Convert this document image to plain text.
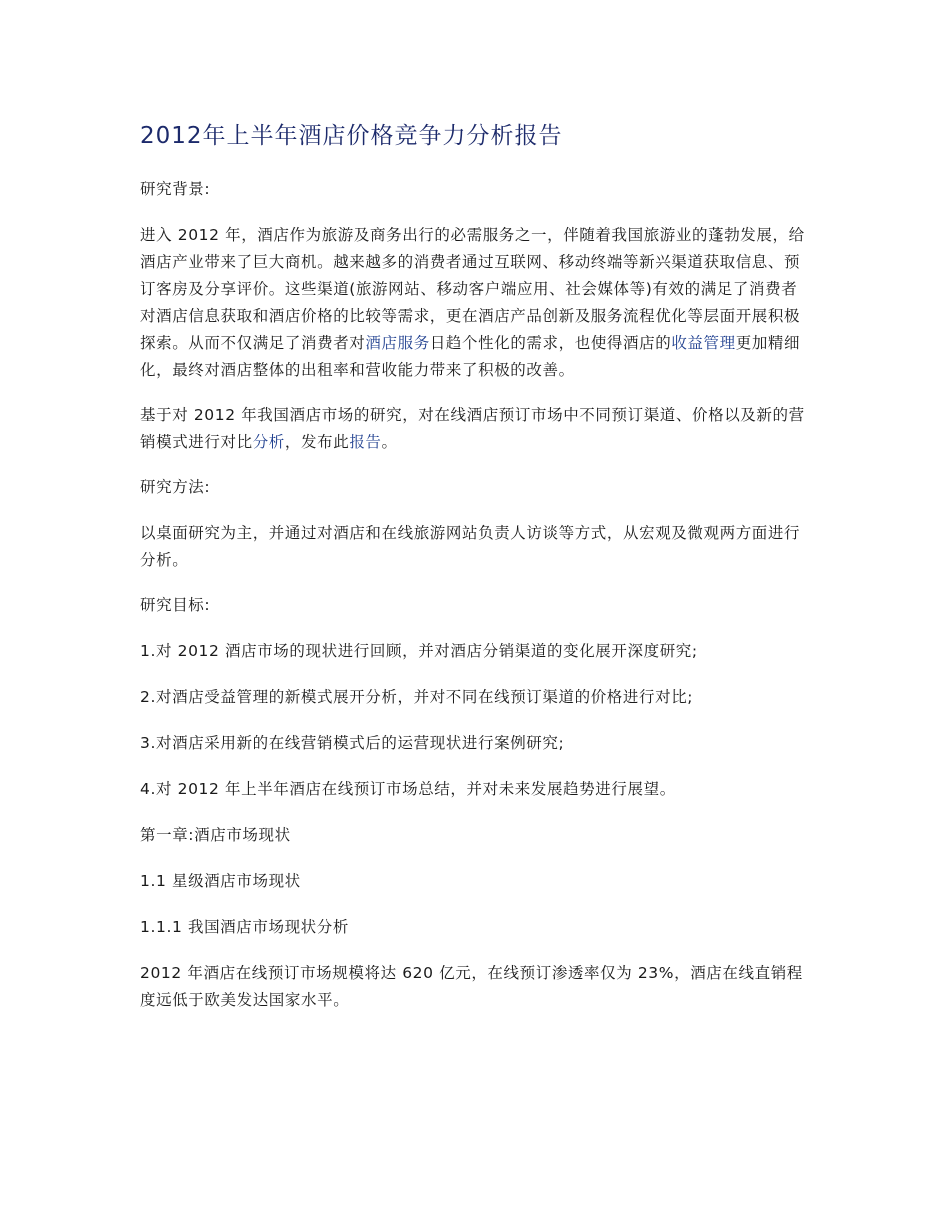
2012年上半年酒店价格竞争力分析报告

研究背景:

进入 2012 年，酒店作为旅游及商务出行的必需服务之一，伴随着我国旅游业的蓬勃发展，给酒店产业带来了巨大商机。越来越多的消费者通过互联网、移动终端等新兴渠道获取信息、预订客房及分享评价。这些渠道(旅游网站、移动客户端应用、社会媒体等)有效的满足了消费者对酒店信息获取和酒店价格的比较等需求，更在酒店产品创新及服务流程优化等层面开展积极探索。从而不仅满足了消费者对酒店服务日趋个性化的需求，也使得酒店的收益管理更加精细化，最终对酒店整体的出租率和营收能力带来了积极的改善。

基于对 2012 年我国酒店市场的研究，对在线酒店预订市场中不同预订渠道、价格以及新的营销模式进行对比分析，发布此报告。

研究方法:

以桌面研究为主，并通过对酒店和在线旅游网站负责人访谈等方式，从宏观及微观两方面进行分析。

研究目标:

1.对 2012 酒店市场的现状进行回顾，并对酒店分销渠道的变化展开深度研究;

2.对酒店受益管理的新模式展开分析，并对不同在线预订渠道的价格进行对比;

3.对酒店采用新的在线营销模式后的运营现状进行案例研究;

4.对 2012 年上半年酒店在线预订市场总结，并对未来发展趋势进行展望。

第一章:酒店市场现状

1.1 星级酒店市场现状

1.1.1 我国酒店市场现状分析

2012 年酒店在线预订市场规模将达 620 亿元，在线预订渗透率仅为 23%，酒店在线直销程度远低于欧美发达国家水平。
